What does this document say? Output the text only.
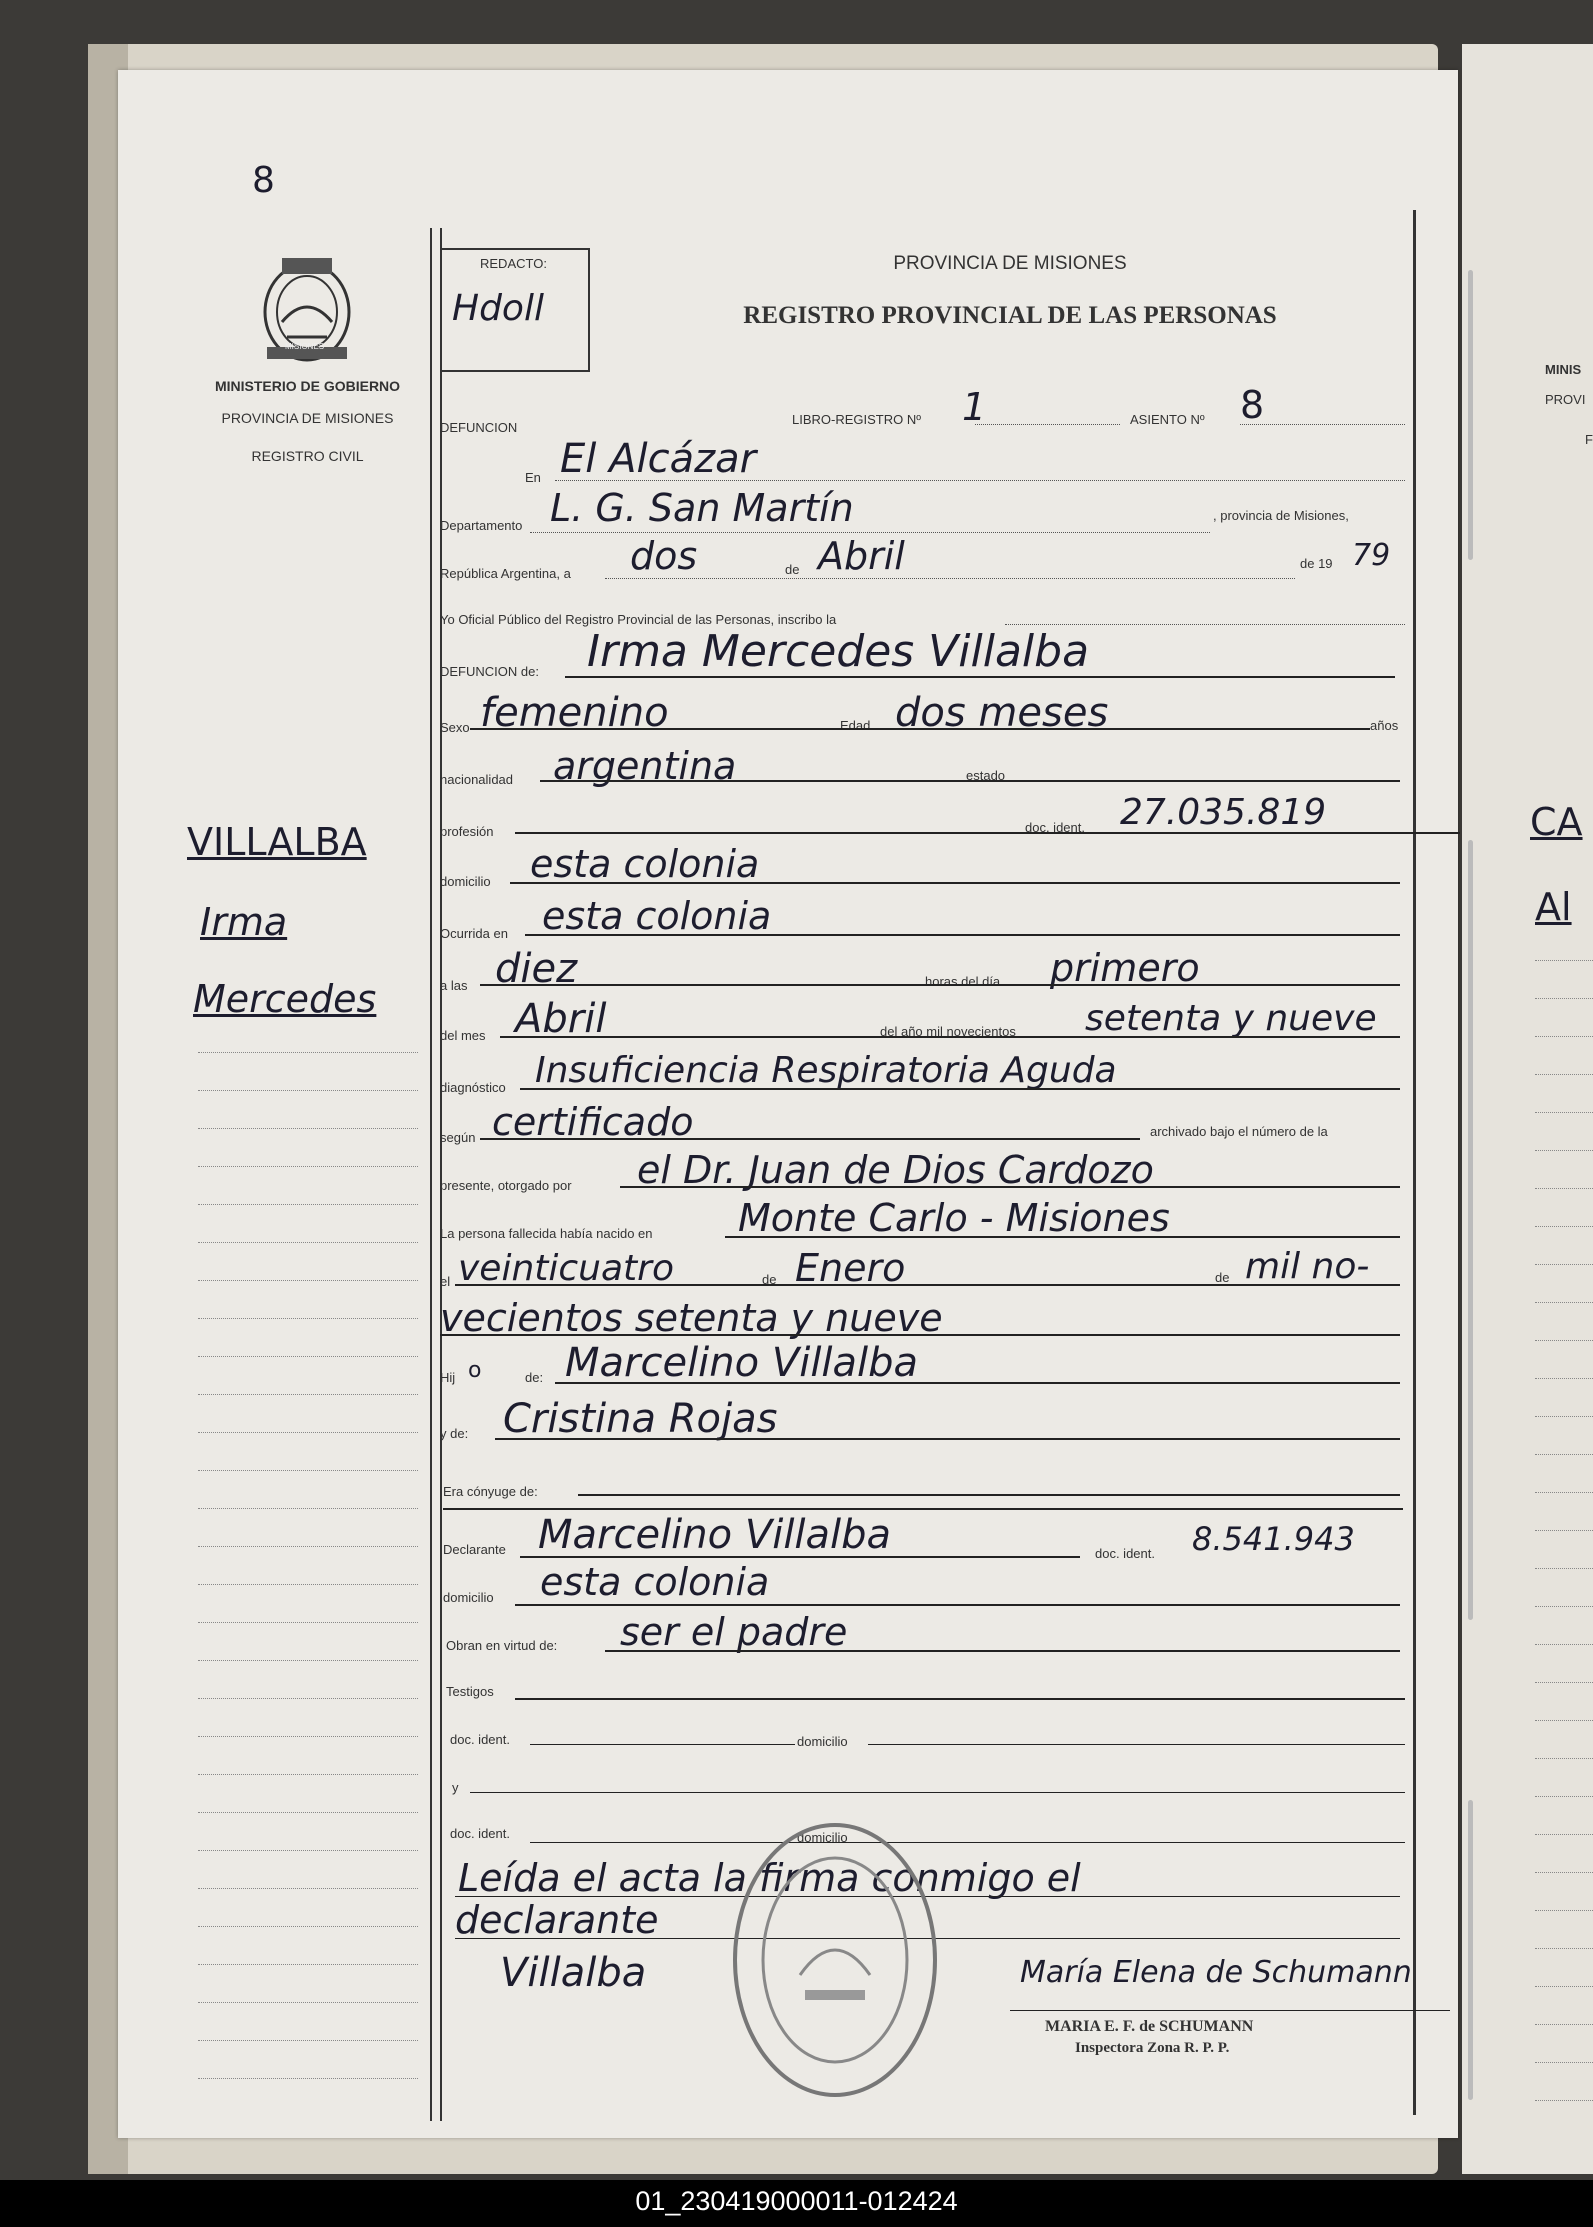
8
MISIONES
MINISTERIO DE GOBIERNO
PROVINCIA DE MISIONES
REGISTRO CIVIL
REDACTO:
Hdoll
PROVINCIA DE MISIONES
REGISTRO PROVINCIAL DE LAS PERSONAS
VILLALBA
Irma
Mercedes
DEFUNCION
LIBRO-REGISTRO Nº 1	ASIENTO Nº 8
En El Alcázar
Departamento L. G. San Martín	, provincia de Misiones,
República Argentina, a dos	de Abril	de 19 79
Yo Oficial Público del Registro Provincial de las Personas, inscribo la
DEFUNCION de: Irma Mercedes Villalba
Sexo femenino	Edad dos meses	años
nacionalidad argentina	estado
profesión	doc. ident. 27.035.819
domicilio esta colonia
Ocurrida en esta colonia
a las diez	horas del día primero
del mes Abril	del año mil novecientos setenta y nueve
diagnóstico Insuficiencia Respiratoria Aguda
según certificado	archivado bajo el número de la
presente, otorgado por el Dr. Juan de Dios Cardozo
La persona fallecida había nacido en Monte Carlo - Misiones
el veinticuatro	de Enero	de mil no-
vecientos setenta y nueve
Hij o	de: Marcelino Villalba
y de: Cristina Rojas
Era cónyuge de:
Declarante Marcelino Villalba	doc. ident. 8.541.943
domicilio esta colonia
Obran en virtud de: ser el padre
Testigos
doc. ident.	domicilio
y
doc. ident.	domicilio
Leída el acta la firma conmigo el
declarante
Villalba	María Elena de Schumann
MARIA E. F. de SCHUMANN
Inspectora Zona R. P. P.
MINIS
PROVI
F
CA
Al
01_230419000011-012424
